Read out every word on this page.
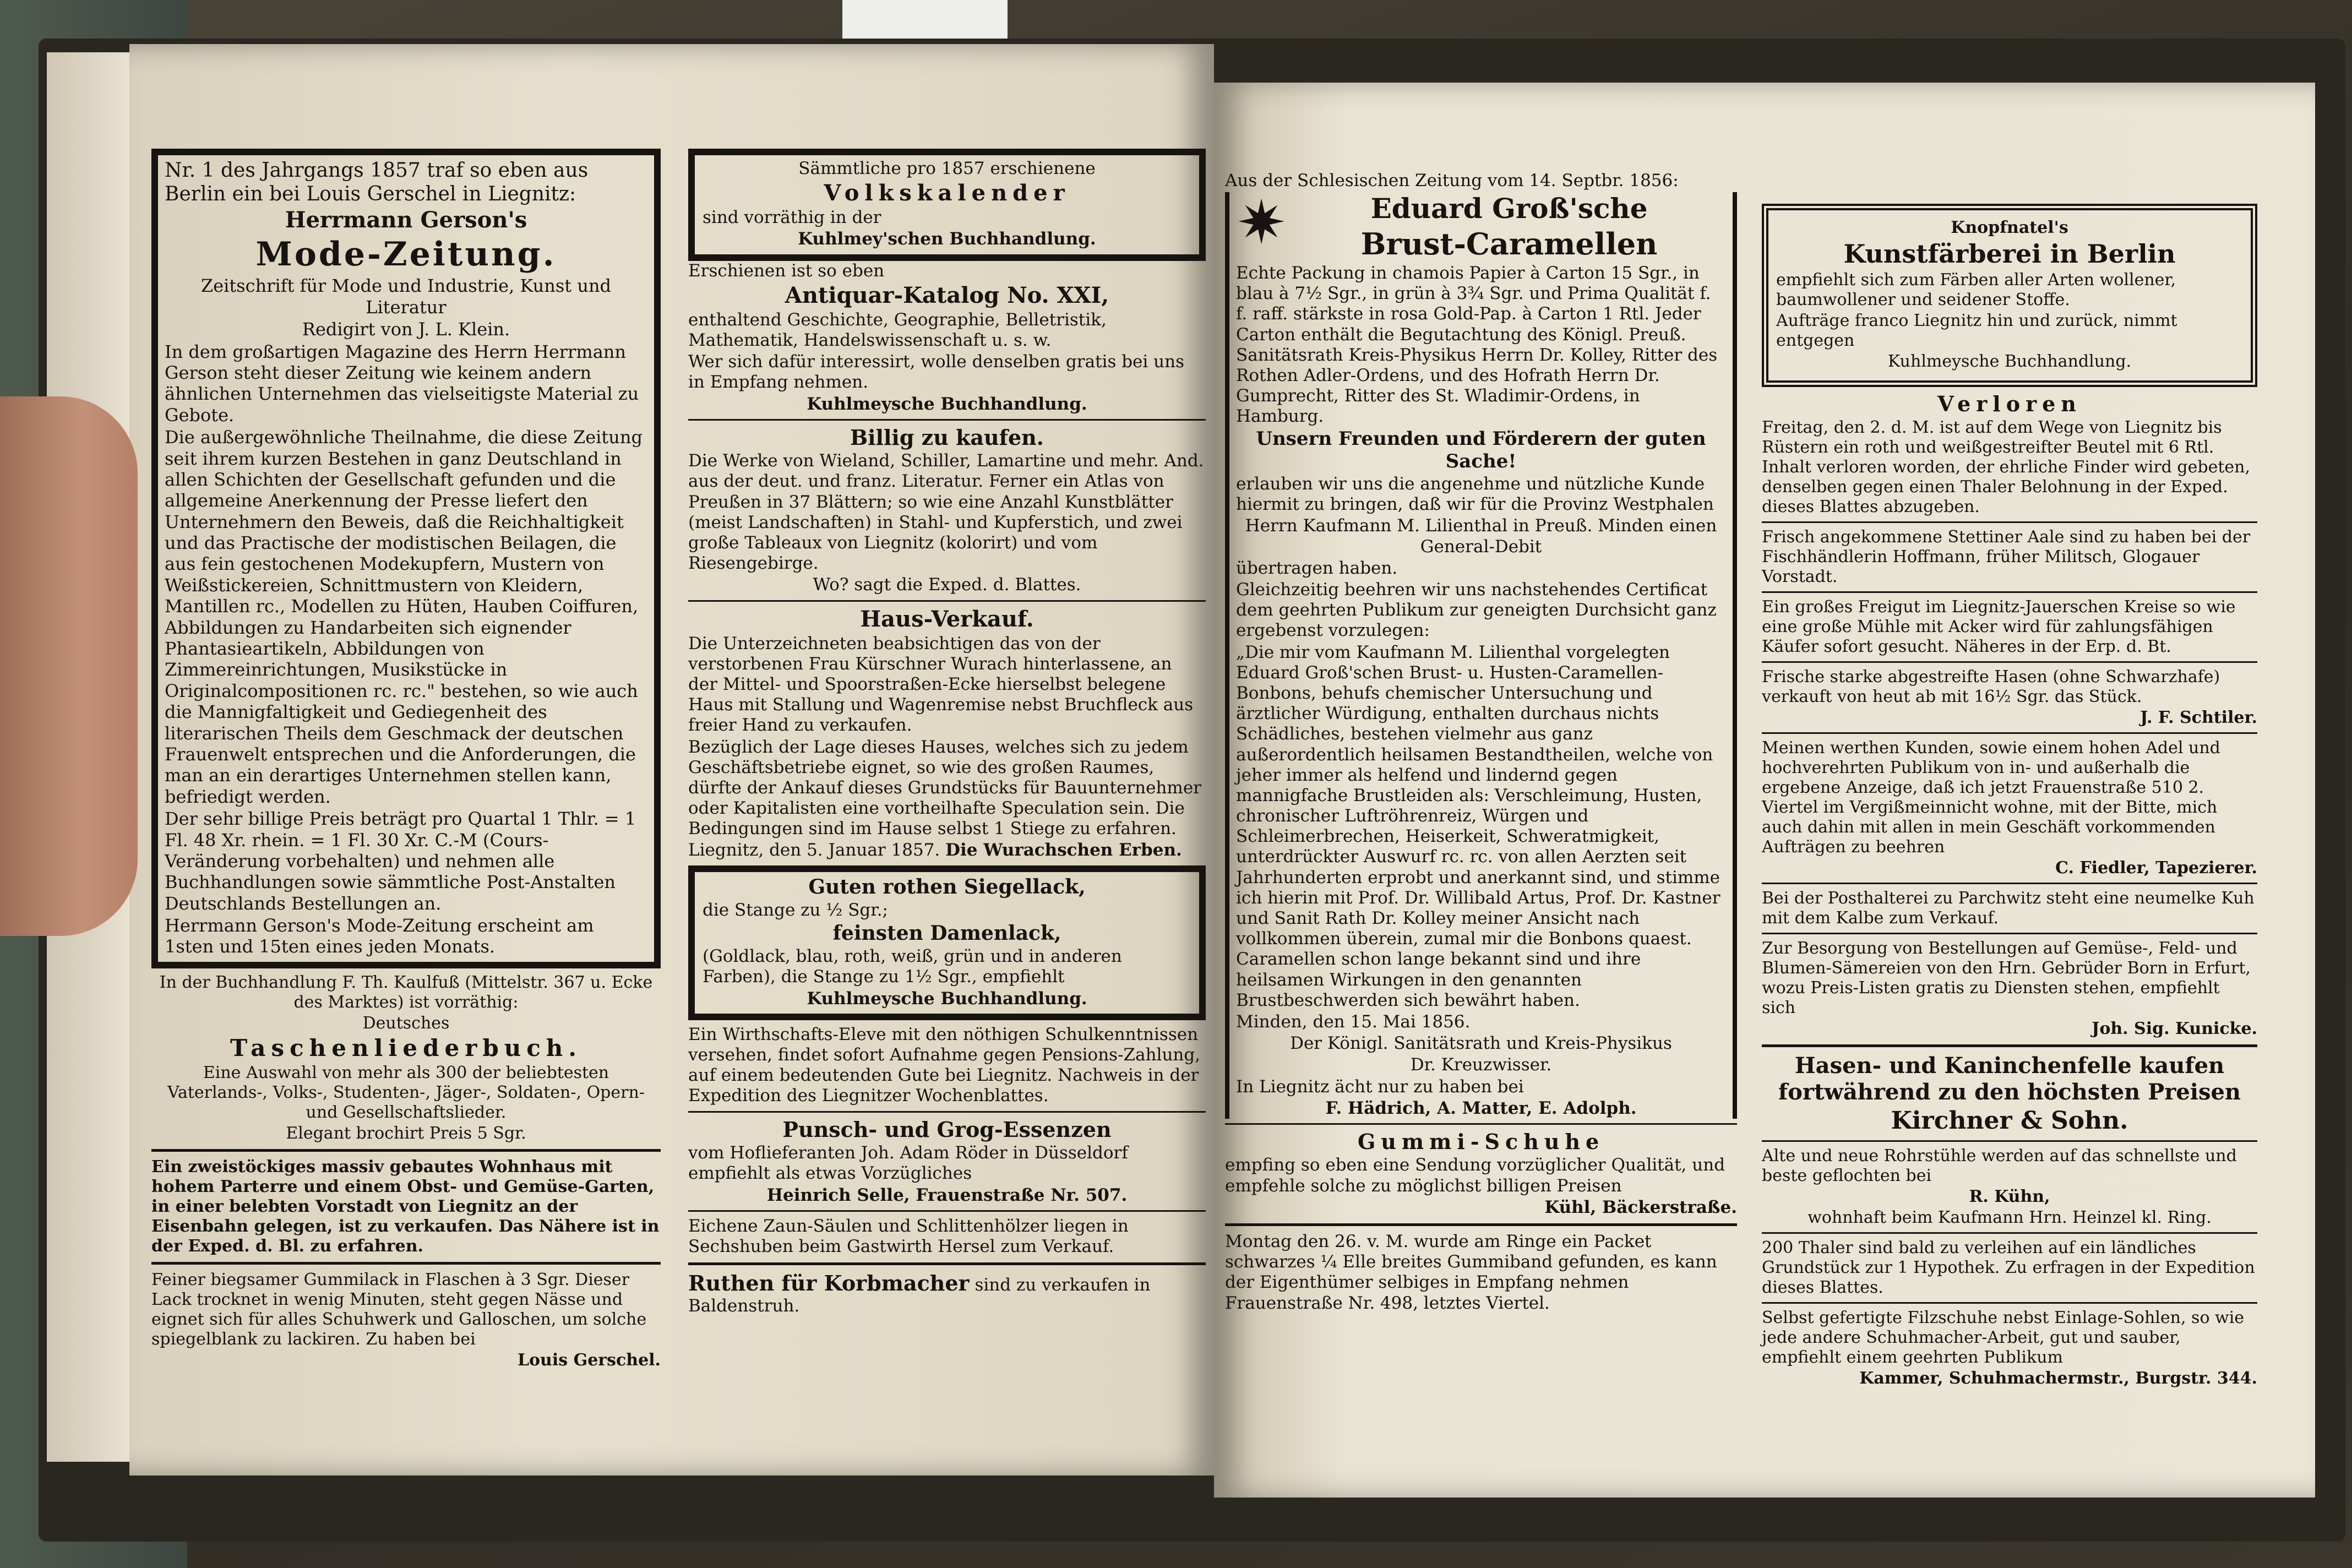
Nr. 1 des Jahrgangs 1857 traf so eben aus Berlin ein bei Louis Gerschel in Liegnitz:

Herrmann Gerson's

Mode-Zeitung.

Zeitschrift für Mode und Industrie, Kunst und Literatur

Redigirt von J. L. Klein.

In dem großartigen Magazine des Herrn Herrmann Gerson steht dieser Zeitung wie keinem andern ähnlichen Unternehmen das vielseitigste Material zu Gebote.

Die außergewöhnliche Theilnahme, die diese Zeitung seit ihrem kurzen Bestehen in ganz Deutschland in allen Schichten der Gesellschaft gefunden und die allgemeine Anerkennung der Presse liefert den Unternehmern den Beweis, daß die Reichhaltigkeit und das Practische der modistischen Beilagen, die aus fein gestochenen Modekupfern, Mustern von Weißstickereien, Schnittmustern von Kleidern, Mantillen rc., Modellen zu Hüten, Hauben Coiffuren, Abbildungen zu Handarbeiten sich eignender Phantasieartikeln, Abbildungen von Zimmereinrichtungen, Musikstücke in Originalcompositionen rc. rc." bestehen, so wie auch die Mannigfaltigkeit und Gediegenheit des literarischen Theils dem Geschmack der deutschen Frauenwelt entsprechen und die Anforderungen, die man an ein derartiges Unternehmen stellen kann, befriedigt werden.

Der sehr billige Preis beträgt pro Quartal 1 Thlr. = 1 Fl. 48 Xr. rhein. = 1 Fl. 30 Xr. C.-M (Cours-Veränderung vorbehalten) und nehmen alle Buchhandlungen sowie sämmtliche Post-Anstalten Deutschlands Bestellungen an.

Herrmann Gerson's Mode-Zeitung erscheint am 1sten und 15ten eines jeden Monats.

In der Buchhandlung F. Th. Kaulfuß (Mittelstr. 367 u. Ecke des Marktes) ist vorräthig:

Deutsches

Taschenliederbuch.

Eine Auswahl von mehr als 300 der beliebtesten Vaterlands-, Volks-, Studenten-, Jäger-, Soldaten-, Opern- und Gesellschaftslieder.

Elegant brochirt Preis 5 Sgr.

Ein zweistöckiges massiv gebautes Wohnhaus mit hohem Parterre und einem Obst- und Gemüse-Garten, in einer belebten Vorstadt von Liegnitz an der Eisenbahn gelegen, ist zu verkaufen. Das Nähere ist in der Exped. d. Bl. zu erfahren.

Feiner biegsamer Gummilack in Flaschen à 3 Sgr. Dieser Lack trocknet in wenig Minuten, steht gegen Nässe und eignet sich für alles Schuhwerk und Galloschen, um solche spiegelblank zu lackiren. Zu haben bei

Louis Gerschel.

Sämmtliche pro 1857 erschienene

Volkskalender

sind vorräthig in der

Kuhlmey'schen Buchhandlung.

Erschienen ist so eben

Antiquar-Katalog No. XXI,

enthaltend Geschichte, Geographie, Belletristik, Mathematik, Handelswissenschaft u. s. w.

Wer sich dafür interessirt, wolle denselben gratis bei uns in Empfang nehmen.

Kuhlmeysche Buchhandlung.

Billig zu kaufen.

Die Werke von Wieland, Schiller, Lamartine und mehr. And. aus der deut. und franz. Literatur. Ferner ein Atlas von Preußen in 37 Blättern; so wie eine Anzahl Kunstblätter (meist Landschaften) in Stahl- und Kupferstich, und zwei große Tableaux von Liegnitz (kolorirt) und vom Riesengebirge.

Wo? sagt die Exped. d. Blattes.

Haus-Verkauf.

Die Unterzeichneten beabsichtigen das von der verstorbenen Frau Kürschner Wurach hinterlassene, an der Mittel- und Spoorstraßen-Ecke hierselbst belegene Haus mit Stallung und Wagenremise nebst Bruchfleck aus freier Hand zu verkaufen.

Bezüglich der Lage dieses Hauses, welches sich zu jedem Geschäftsbetriebe eignet, so wie des großen Raumes, dürfte der Ankauf dieses Grundstücks für Bauunternehmer oder Kapitalisten eine vortheilhafte Speculation sein. Die Bedingungen sind im Hause selbst 1 Stiege zu erfahren.

Liegnitz, den 5. Januar 1857. Die Wurachschen Erben.

Guten rothen Siegellack,

die Stange zu ½ Sgr.;

feinsten Damenlack,

(Goldlack, blau, roth, weiß, grün und in anderen Farben), die Stange zu 1½ Sgr., empfiehlt

Kuhlmeysche Buchhandlung.

Ein Wirthschafts-Eleve mit den nöthigen Schulkenntnissen versehen, findet sofort Aufnahme gegen Pensions-Zahlung, auf einem bedeutenden Gute bei Liegnitz. Nachweis in der Expedition des Liegnitzer Wochenblattes.

Punsch- und Grog-Essenzen

vom Hoflieferanten Joh. Adam Röder in Düsseldorf empfiehlt als etwas Vorzügliches

Heinrich Selle, Frauenstraße Nr. 507.

Eichene Zaun-Säulen und Schlittenhölzer liegen in Sechshuben beim Gastwirth Hersel zum Verkauf.

Ruthen für Korbmacher sind zu verkaufen in Baldenstruh.

Aus der Schlesischen Zeitung vom 14. Septbr. 1856:

✷	Eduard Groß'sche

Brust-Caramellen

Echte Packung in chamois Papier à Carton 15 Sgr., in blau à 7½ Sgr., in grün à 3¾ Sgr. und Prima Qualität f. f. raff. stärkste in rosa Gold-Pap. à Carton 1 Rtl. Jeder Carton enthält die Begutachtung des Königl. Preuß. Sanitätsrath Kreis-Physikus Herrn Dr. Kolley, Ritter des Rothen Adler-Ordens, und des Hofrath Herrn Dr. Gumprecht, Ritter des St. Wladimir-Ordens, in Hamburg.

Unsern Freunden und Förderern der guten Sache!

erlauben wir uns die angenehme und nützliche Kunde hiermit zu bringen, daß wir für die Provinz Westphalen

Herrn Kaufmann M. Lilienthal in Preuß. Minden einen General-Debit

übertragen haben.

Gleichzeitig beehren wir uns nachstehendes Certificat dem geehrten Publikum zur geneigten Durchsicht ganz ergebenst vorzulegen:

„Die mir vom Kaufmann M. Lilienthal vorgelegten Eduard Groß'schen Brust- u. Husten-Caramellen-Bonbons, behufs chemischer Untersuchung und ärztlicher Würdigung, enthalten durchaus nichts Schädliches, bestehen vielmehr aus ganz außerordentlich heilsamen Bestandtheilen, welche von jeher immer als helfend und lindernd gegen mannigfache Brustleiden als: Verschleimung, Husten, chronischer Luftröhrenreiz, Würgen und Schleimerbrechen, Heiserkeit, Schweratmigkeit, unterdrückter Auswurf rc. rc. von allen Aerzten seit Jahrhunderten erprobt und anerkannt sind, und stimme ich hierin mit Prof. Dr. Willibald Artus, Prof. Dr. Kastner und Sanit Rath Dr. Kolley meiner Ansicht nach vollkommen überein, zumal mir die Bonbons quaest. Caramellen schon lange bekannt sind und ihre heilsamen Wirkungen in den genannten Brustbeschwerden sich bewährt haben.

Minden, den 15. Mai 1856.

Der Königl. Sanitätsrath und Kreis-Physikus

Dr. Kreuzwisser.

In Liegnitz ächt nur zu haben bei

F. Hädrich, A. Matter, E. Adolph.

Gummi-Schuhe

empfing so eben eine Sendung vorzüglicher Qualität, und empfehle solche zu möglichst billigen Preisen

Kühl, Bäckerstraße.

Montag den 26. v. M. wurde am Ringe ein Packet schwarzes ¼ Elle breites Gummiband gefunden, es kann der Eigenthümer selbiges in Empfang nehmen Frauenstraße Nr. 498, letztes Viertel.

Knopfnatel's

Kunstfärberei in Berlin

empfiehlt sich zum Färben aller Arten wollener, baumwollener und seidener Stoffe.

Aufträge franco Liegnitz hin und zurück, nimmt entgegen

Kuhlmeysche Buchhandlung.

Verloren

Freitag, den 2. d. M. ist auf dem Wege von Liegnitz bis Rüstern ein roth und weißgestreifter Beutel mit 6 Rtl. Inhalt verloren worden, der ehrliche Finder wird gebeten, denselben gegen einen Thaler Belohnung in der Exped. dieses Blattes abzugeben.

Frisch angekommene Stettiner Aale sind zu haben bei der Fischhändlerin Hoffmann, früher Militsch, Glogauer Vorstadt.

Ein großes Freigut im Liegnitz-Jauerschen Kreise so wie eine große Mühle mit Acker wird für zahlungsfähigen Käufer sofort gesucht. Näheres in der Erp. d. Bt.

Frische starke abgestreifte Hasen (ohne Schwarzhafe) verkauft von heut ab mit 16½ Sgr. das Stück.

J. F. Schtiler.

Meinen werthen Kunden, sowie einem hohen Adel und hochverehrten Publikum von in- und außerhalb die ergebene Anzeige, daß ich jetzt Frauenstraße 510 2. Viertel im Vergißmeinnicht wohne, mit der Bitte, mich auch dahin mit allen in mein Geschäft vorkommenden Aufträgen zu beehren

C. Fiedler, Tapezierer.

Bei der Posthalterei zu Parchwitz steht eine neumelke Kuh mit dem Kalbe zum Verkauf.

Zur Besorgung von Bestellungen auf Gemüse-, Feld- und Blumen-Sämereien von den Hrn. Gebrüder Born in Erfurt, wozu Preis-Listen gratis zu Diensten stehen, empfiehlt sich

Joh. Sig. Kunicke.

Hasen- und Kaninchenfelle kaufen fortwährend zu den höchsten Preisen

Kirchner & Sohn.

Alte und neue Rohrstühle werden auf das schnellste und beste geflochten bei

R. Kühn,

wohnhaft beim Kaufmann Hrn. Heinzel kl. Ring.

200 Thaler sind bald zu verleihen auf ein ländliches Grundstück zur 1 Hypothek. Zu erfragen in der Expedition dieses Blattes.

Selbst gefertigte Filzschuhe nebst Einlage-Sohlen, so wie jede andere Schuhmacher-Arbeit, gut und sauber, empfiehlt einem geehrten Publikum

Kammer, Schuhmachermstr., Burgstr. 344.
